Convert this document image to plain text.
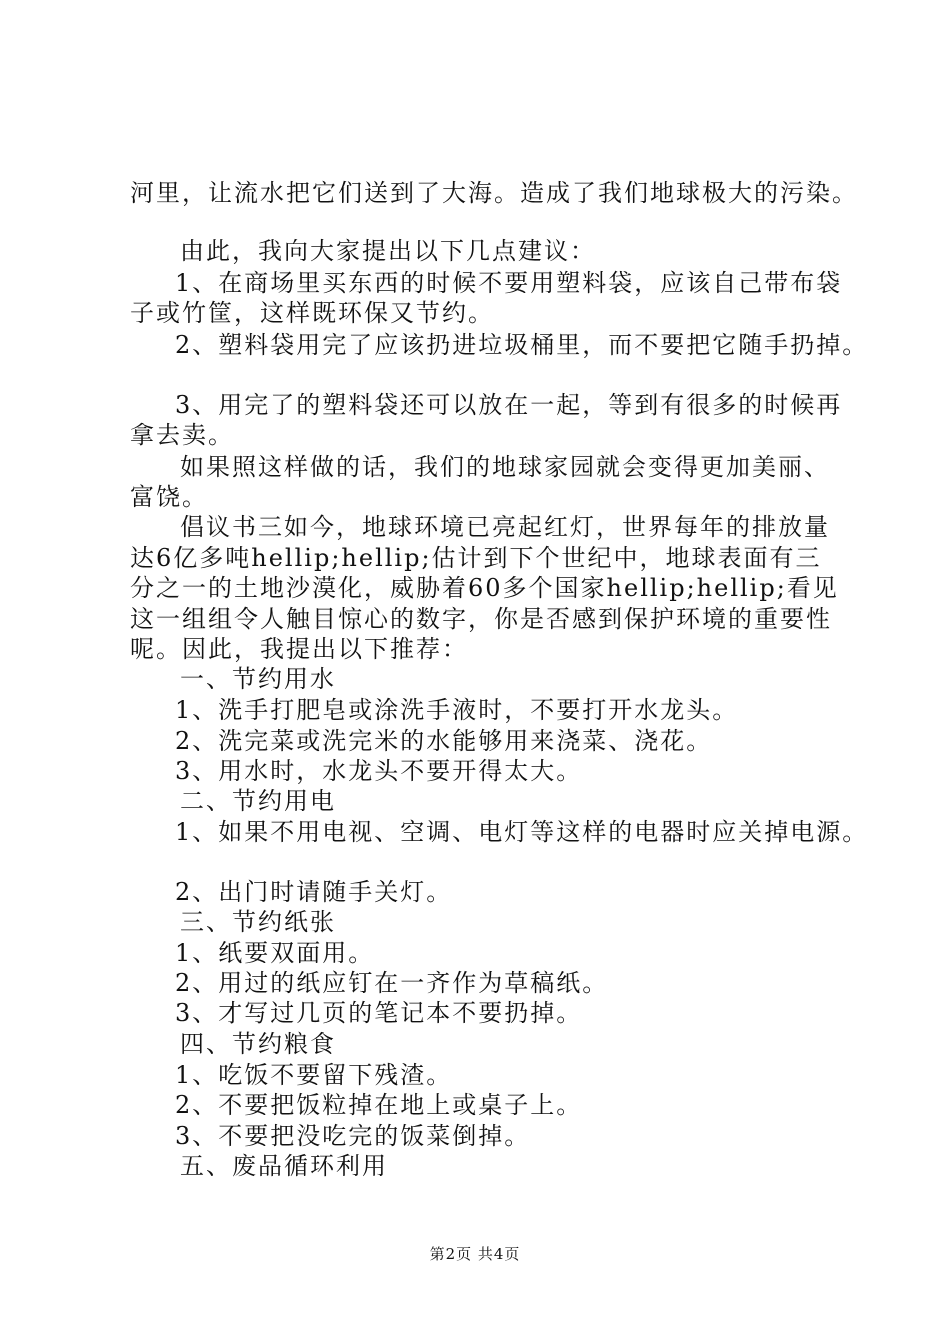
河里，让流水把它们送到了大海。造成了我们地球极大的污染。
由此，我向大家提出以下几点建议：
1、在商场里买东西的时候不要用塑料袋，应该自己带布袋
子或竹筐，这样既环保又节约。
2、塑料袋用完了应该扔进垃圾桶里，而不要把它随手扔掉。
3、用完了的塑料袋还可以放在一起，等到有很多的时候再
拿去卖。
如果照这样做的话，我们的地球家园就会变得更加美丽、
富饶。
倡议书三如今，地球环境已亮起红灯，世界每年的排放量
达6亿多吨hellip;hellip;估计到下个世纪中，地球表面有三
分之一的土地沙漠化，威胁着60多个国家hellip;hellip;看见
这一组组令人触目惊心的数字，你是否感到保护环境的重要性
呢。因此，我提出以下推荐：
一、节约用水
1、洗手打肥皂或涂洗手液时，不要打开水龙头。
2、洗完菜或洗完米的水能够用来浇菜、浇花。
3、用水时，水龙头不要开得太大。
二、节约用电
1、如果不用电视、空调、电灯等这样的电器时应关掉电源。
2、出门时请随手关灯。
三、节约纸张
1、纸要双面用。
2、用过的纸应钉在一齐作为草稿纸。
3、才写过几页的笔记本不要扔掉。
四、节约粮食
1、吃饭不要留下残渣。
2、不要把饭粒掉在地上或桌子上。
3、不要把没吃完的饭菜倒掉。
五、废品循环利用
第2页 共4页
